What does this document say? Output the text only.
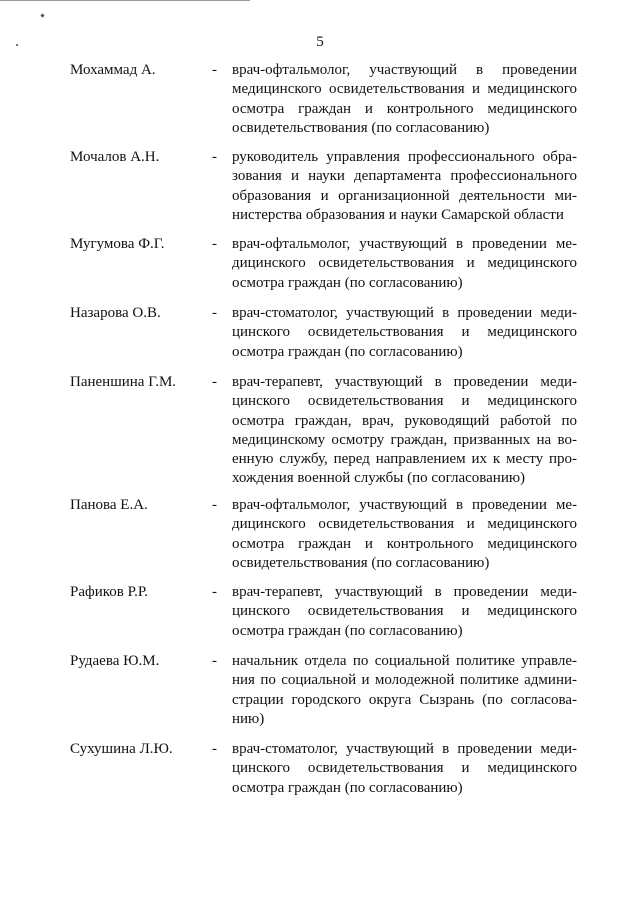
5
Мохаммад А.	- врач-офтальмолог, участвующий в проведении
медицинского освидетельствования и медицинского
осмотра граждан и контрольного медицинского
освидетельствования (по согласованию)
Мочалов А.Н.	- руководитель управления профессионального обра-
зования и науки департамента профессионального
образования и организационной деятельности ми-
нистерства образования и науки Самарской области
Мугумова Ф.Г.	- врач-офтальмолог, участвующий в проведении ме-
дицинского освидетельствования и медицинского
осмотра граждан (по согласованию)
Назарова О.В.	- врач-стоматолог, участвующий в проведении меди-
цинского освидетельствования и медицинского
осмотра граждан (по согласованию)
Паненшина Г.М. - врач-терапевт, участвующий в проведении меди-
цинского освидетельствования и медицинского
осмотра граждан, врач, руководящий работой по
медицинскому осмотру граждан, призванных на во-
енную службу, перед направлением их к месту про-
хождения военной службы (по согласованию)
Панова Е.А.	- врач-офтальмолог, участвующий в проведении ме-
дицинского освидетельствования и медицинского
осмотра граждан и контрольного медицинского
освидетельствования (по согласованию)
Рафиков Р.Р.	- врач-терапевт, участвующий в проведении меди-
цинского освидетельствования и медицинского
осмотра граждан (по согласованию)
Рудаева Ю.М.	- начальник отдела по социальной политике управле-
ния по социальной и молодежной политике админи-
страции городского округа Сызрань (по согласова-
нию)
Сухушина Л.Ю.	- врач-стоматолог, участвующий в проведении меди-
цинского освидетельствования и медицинского
осмотра граждан (по согласованию)
